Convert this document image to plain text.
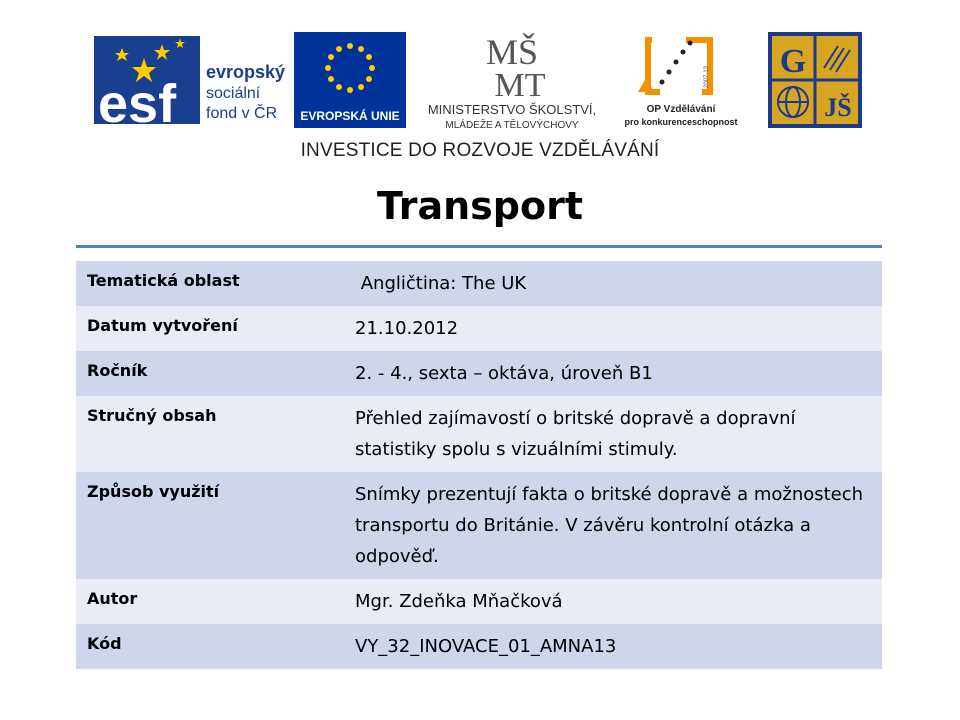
esf
evropský
sociální
fond v ČR EVROPSKÁ UNIE
MŠ
MT
MINISTERSTVO ŠKOLSTVÍ,
MLÁDEŽE A TĚLOVÝCHOVY
2007-13
OP Vzdělávání
pro konkurenceschopnost
G
JŠ
INVESTICE DO ROZVOJE VZDĚLÁVÁNÍ
Transport
Tematická oblast	Angličtina: The UK
Datum vytvoření	21.10.2012
Ročník	2. - 4., sexta – oktáva, úroveň B1
Stručný obsah	Přehled zajímavostí o britské dopravě a dopravní statistiky spolu s vizuálními stimuly.
Způsob využití	Snímky prezentují fakta o britské dopravě a možnostech transportu do Británie. V závěru kontrolní otázka a odpověď.
Autor	Mgr. Zdeňka Mňačková
Kód	VY_32_INOVACE_01_AMNA13
